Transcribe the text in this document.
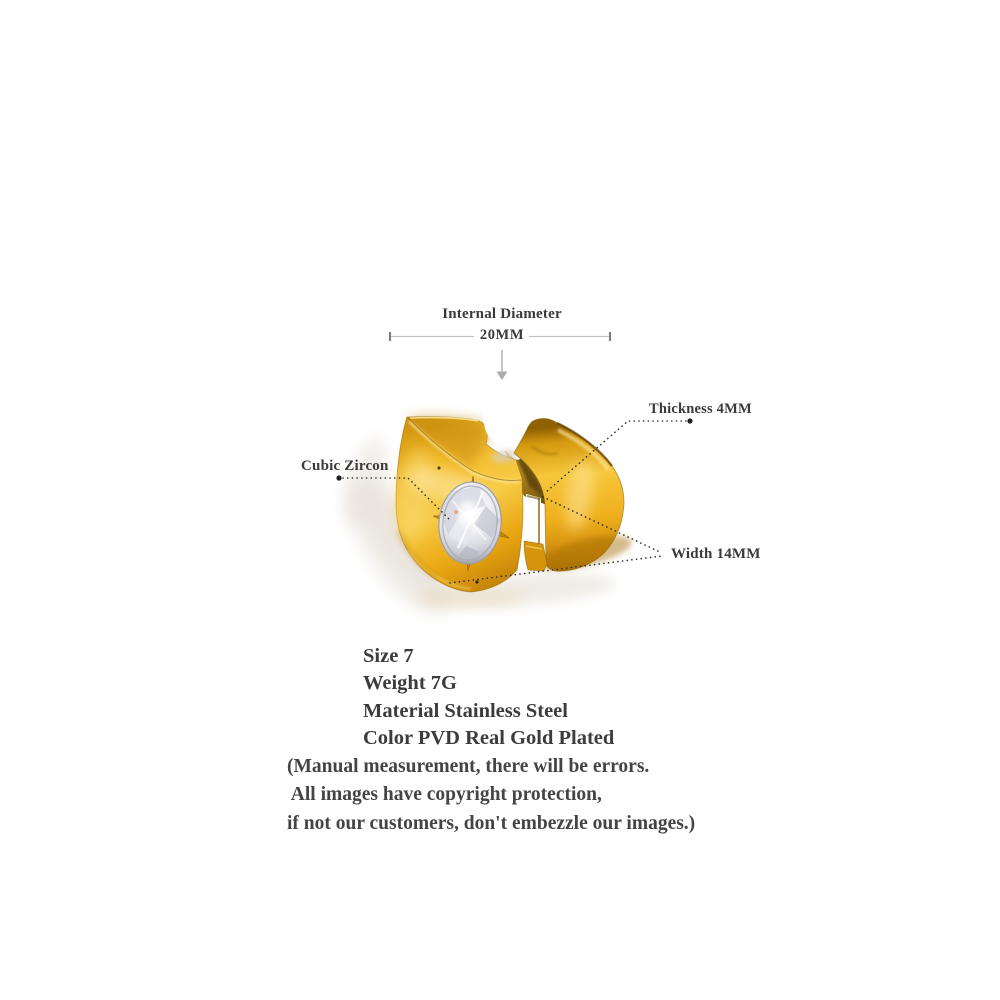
Internal Diameter
20MM
Thickness 4MM
Cubic Zircon
Width 14MM
Size 7
Weight 7G
Material Stainless Steel
Color PVD Real Gold Plated
(Manual measurement, there will be errors.
All images have copyright protection,
if not our customers, don't embezzle our images.)
